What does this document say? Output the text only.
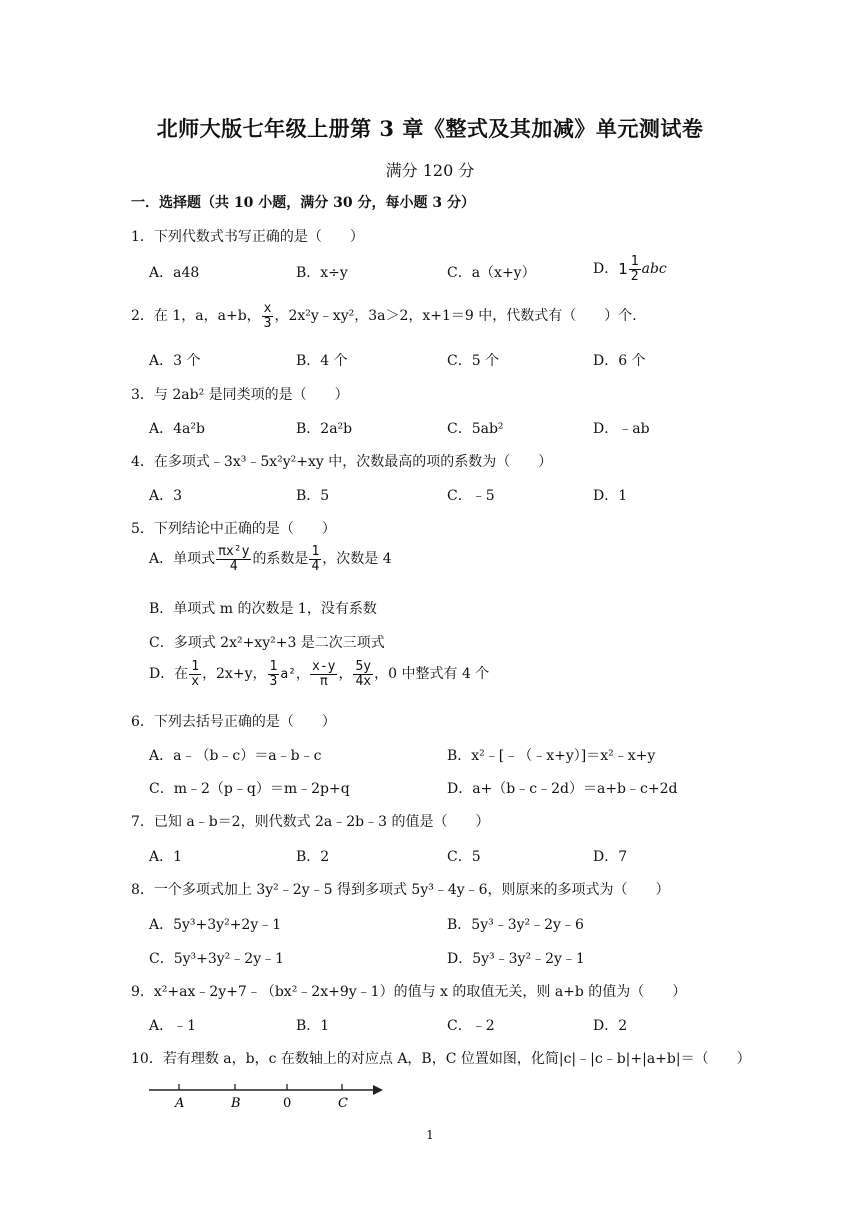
北师大版七年级上册第 3 章《整式及其加减》单元测试卷
满分 120 分
一．选择题（共 10 小题，满分 30 分，每小题 3 分）
1．下列代数式书写正确的是（　　）
A．a48	B．x÷y	C．a（x+y）	D．$1 \frac{1}{2}$ abc
2．在 1，a，a+b， $\frac{x}{3}$ ，2x²y﹣xy²，3a＞2，x+1＝9 中，代数式有（　　）个．
A．3 个	B．4 个	C．5 个	D．6 个
3．与 2ab² 是同类项的是（　　）
A．4a²b	B．2a²b	C．5ab²	D．﹣ab
4．在多项式﹣3x³﹣5x²y²+xy 中，次数最高的项的系数为（　　）
A．3	B．5	C．﹣5	D．1
5．下列结论中正确的是（　　）
A．单项式 $\frac{\text{πx²y}}{4}$ 的系数是 $\frac{1}{4}$ ，次数是 4
B．单项式 m 的次数是 1，没有系数
C．多项式 2x²+xy²+3 是二次三项式
D．在 $\frac{1}{x}$ ，2x+y， $\frac{1}{3} a^2$， $\frac{x-y}{\pi}$ ， $\frac{5y}{4x}$ ，0 中整式有 4 个
6．下列去括号正确的是（　　）
A．a﹣（b﹣c）＝a﹣b﹣c	B．x²﹣[﹣（﹣x+y）]＝x²﹣x+y
C．m﹣2（p﹣q）＝m﹣2p+q	D．a+（b﹣c﹣2d）＝a+b﹣c+2d
7．已知 a﹣b＝2，则代数式 2a﹣2b﹣3 的值是（　　）
A．1	B．2	C．5	D．7
8．一个多项式加上 3y²﹣2y﹣5 得到多项式 5y³﹣4y﹣6，则原来的多项式为（　　）
A．5y³+3y²+2y﹣1	B．5y³﹣3y²﹣2y﹣6
C．5y³+3y²﹣2y﹣1	D．5y³﹣3y²﹣2y﹣1
9．x²+ax﹣2y+7﹣（bx²﹣2x+9y﹣1）的值与 x 的取值无关，则 a+b 的值为（　　）
A．﹣1	B．1	C．﹣2	D．2
10．若有理数 a，b，c 在数轴上的对应点 A，B，C 位置如图，化简|c|﹣|c﹣b|+|a+b|＝（　　）
A	B	0	C
1
